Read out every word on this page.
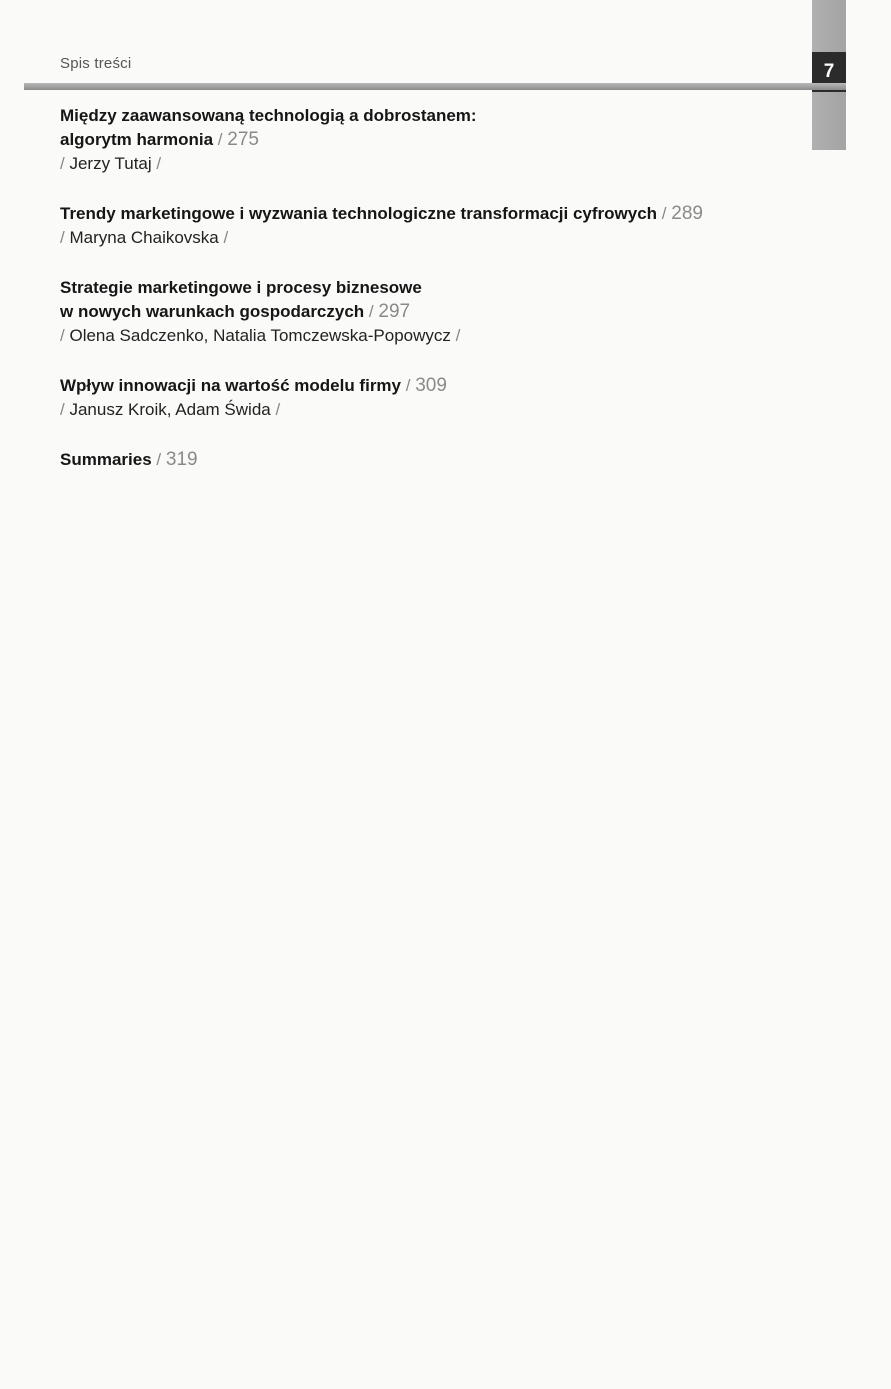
7
Spis treści
Między zaawansowaną technologią a dobrostanem:
algorytm harmonia / 275
/ Jerzy Tutaj /
Trendy marketingowe i wyzwania technologiczne transformacji cyfrowych / 289
/ Maryna Chaikovska /
Strategie marketingowe i procesy biznesowe
w nowych warunkach gospodarczych / 297
/ Olena Sadczenko, Natalia Tomczewska-Popowycz /
Wpływ innowacji na wartość modelu firmy / 309
/ Janusz Kroik, Adam Świda /
Summaries / 319
